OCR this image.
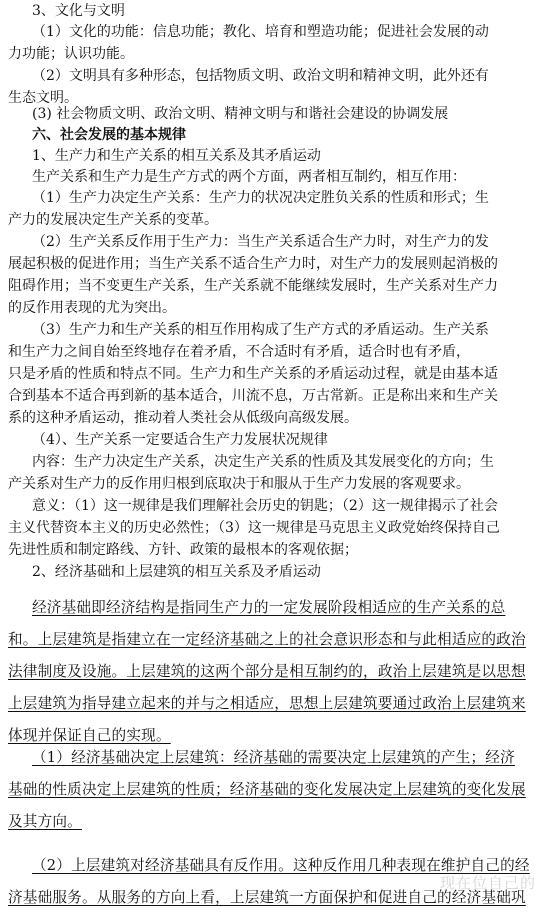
3、文化与文明

（1）文化的功能：信息功能；教化、培育和塑造功能；促进社会发展的动
力功能；认识功能。

（2）文明具有多种形态，包括物质文明、政治文明和精神文明，此外还有
生态文明。

(3) 社会物质文明、政治文明、精神文明与和谐社会建设的协调发展

六、社会发展的基本规律

1、生产力和生产关系的相互关系及其矛盾运动

生产关系和生产力是生产方式的两个方面，两者相互制约，相互作用：

（1）生产力决定生产关系：生产力的状况决定胜负关系的性质和形式；生
产力的发展决定生产关系的变革。

（2）生产关系反作用于生产力：当生产关系适合生产力时，对生产力的发
展起积极的促进作用；当生产关系不适合生产力时，对生产力的发展则起消极的
阻碍作用；当不变更生产关系，生产关系就不能继续发展时，生产关系对生产力
的反作用表现的尤为突出。

（3）生产力和生产关系的相互作用构成了生产方式的矛盾运动。生产关系
和生产力之间自始至终地存在着矛盾，不合适时有矛盾，适合时也有矛盾，
只是矛盾的性质和特点不同。生产力和生产关系的矛盾运动过程，就是由基本适
合到基本不适合再到新的基本适合，川流不息，万古常新。正是称出来和生产关
系的这种矛盾运动，推动着人类社会从低级向高级发展。

（4）、生产关系一定要适合生产力发展状况规律

内容：生产力决定生产关系，决定生产关系的性质及其发展变化的方向；生
产关系对生产力的反作用归根到底取决于和服从于生产力发展的客观要求。

意义：（1）这一规律是我们理解社会历史的钥匙；（2）这一规律揭示了社会
主义代替资本主义的历史必然性；（3）这一规律是马克思主义政党始终保持自己
先进性质和制定路线、方针、政策的最根本的客观依据；

2、经济基础和上层建筑的相互关系及矛盾运动

经济基础即经济结构是指同生产力的一定发展阶段相适应的生产关系的总
和。上层建筑是指建立在一定经济基础之上的社会意识形态和与此相适应的政治
法律制度及设施。上层建筑的这两个部分是相互制约的，政治上层建筑是以思想
上层建筑为指导建立起来的并与之相适应，思想上层建筑要通过政治上层建筑来
体现并保证自己的实现。

（1）经济基础决定上层建筑：经济基础的需要决定上层建筑的产生；经济
基础的性质决定上层建筑的性质；经济基础的变化发展决定上层建筑的变化发展
及其方向。

（2）上层建筑对经济基础具有反作用。这种反作用几种表现在维护自己的经
济基础服务。从服务的方向上看，上层建筑一方面保护和促进自己的经济基础巩

现在位自己的
